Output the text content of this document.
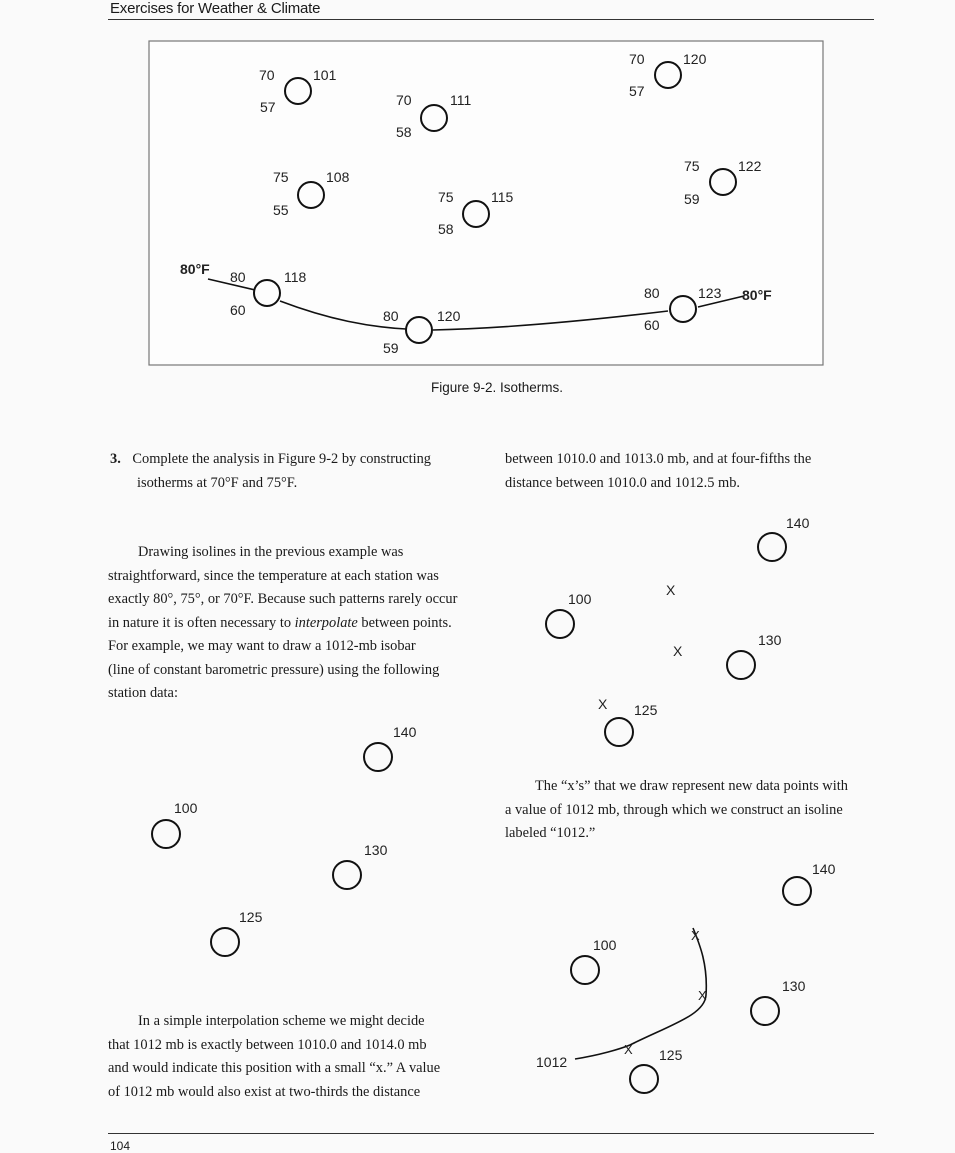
Exercises for Weather & Climate
70
57
101
70
58
111
70
57
120
75
55
108
75
58
115
75
59
122
80°F
80°F
80
60
118
80
59
120
80
60
123
Figure 9-2. Isotherms.
3. Complete the analysis in Figure 9-2 by constructing
isotherms at 70°F and 75°F.
Drawing isolines in the previous example was
straightforward, since the temperature at each station was
exactly 80°, 75°, or 70°F. Because such patterns rarely occur
in nature it is often necessary to interpolate between points.
For example, we may want to draw a 1012-mb isobar
(line of constant barometric pressure) using the following
station data:
140
100
130
125
In a simple interpolation scheme we might decide
that 1012 mb is exactly between 1010.0 and 1014.0 mb
and would indicate this position with a small “x.” A value
of 1012 mb would also exist at two-thirds the distance
between 1010.0 and 1013.0 mb, and at four-fifths the
distance between 1010.0 and 1012.5 mb.
140
100
130
125
X
X
X
The “x’s” that we draw represent new data points with
a value of 1012 mb, through which we construct an isoline
labeled “1012.”
140
100
130
125
X
X
X
1012
104
